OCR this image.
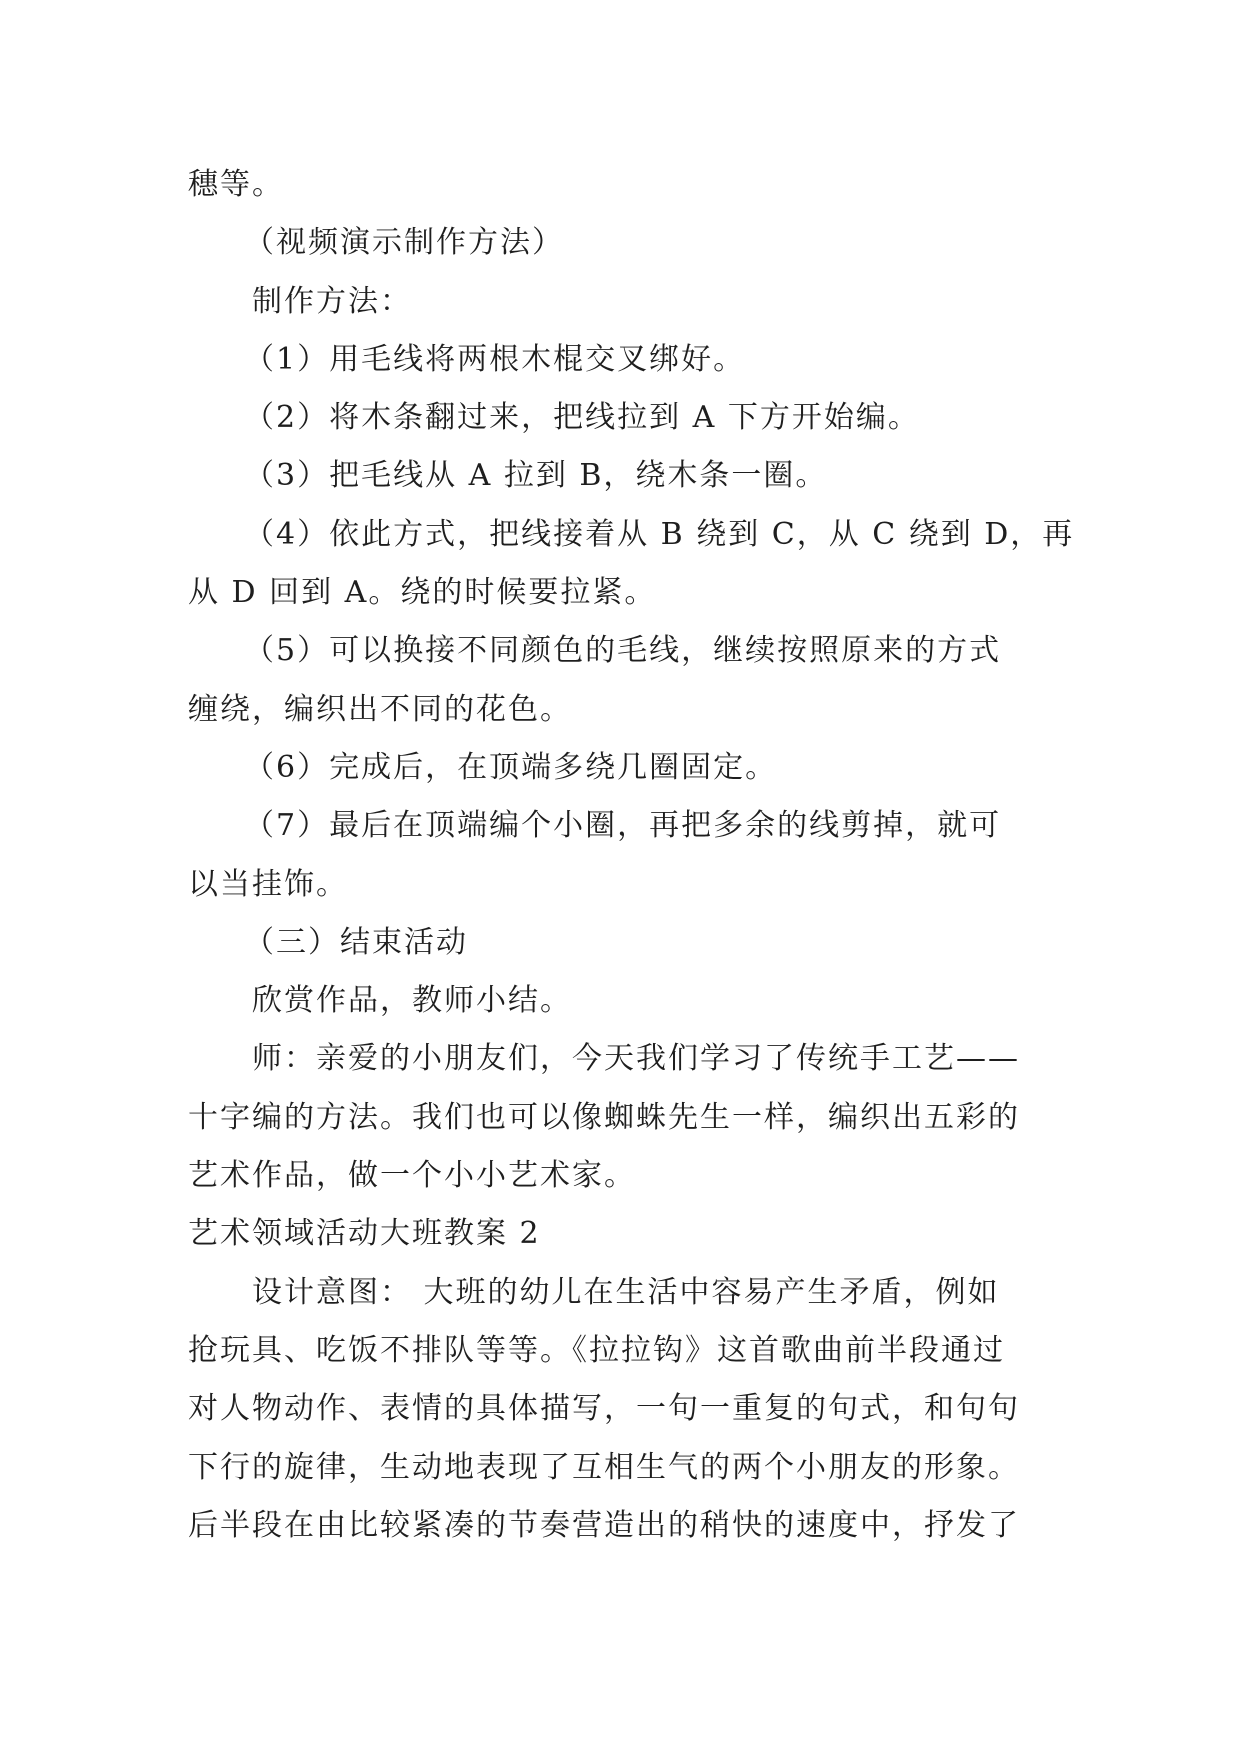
穗等。

（视频演示制作方法）

制作方法：

（1）用毛线将两根木棍交叉绑好。

（2）将木条翻过来，把线拉到 A 下方开始编。

（3）把毛线从 A 拉到 B，绕木条一圈。

（4）依此方式，把线接着从 B 绕到 C，从 C 绕到 D，再

从 D 回到 A。绕的时候要拉紧。

（5）可以换接不同颜色的毛线，继续按照原来的方式

缠绕，编织出不同的花色。

（6）完成后，在顶端多绕几圈固定。

（7）最后在顶端编个小圈，再把多余的线剪掉，就可

以当挂饰。

（三）结束活动

欣赏作品，教师小结。

师：亲爱的小朋友们，今天我们学习了传统手工艺——

十字编的方法。我们也可以像蜘蛛先生一样，编织出五彩的

艺术作品，做一个小小艺术家。

艺术领域活动大班教案 2

设计意图： 大班的幼儿在生活中容易产生矛盾，例如

抢玩具、吃饭不排队等等。《拉拉钩》这首歌曲前半段通过

对人物动作、表情的具体描写，一句一重复的句式，和句句

下行的旋律，生动地表现了互相生气的两个小朋友的形象。

后半段在由比较紧凑的节奏营造出的稍快的速度中，抒发了
